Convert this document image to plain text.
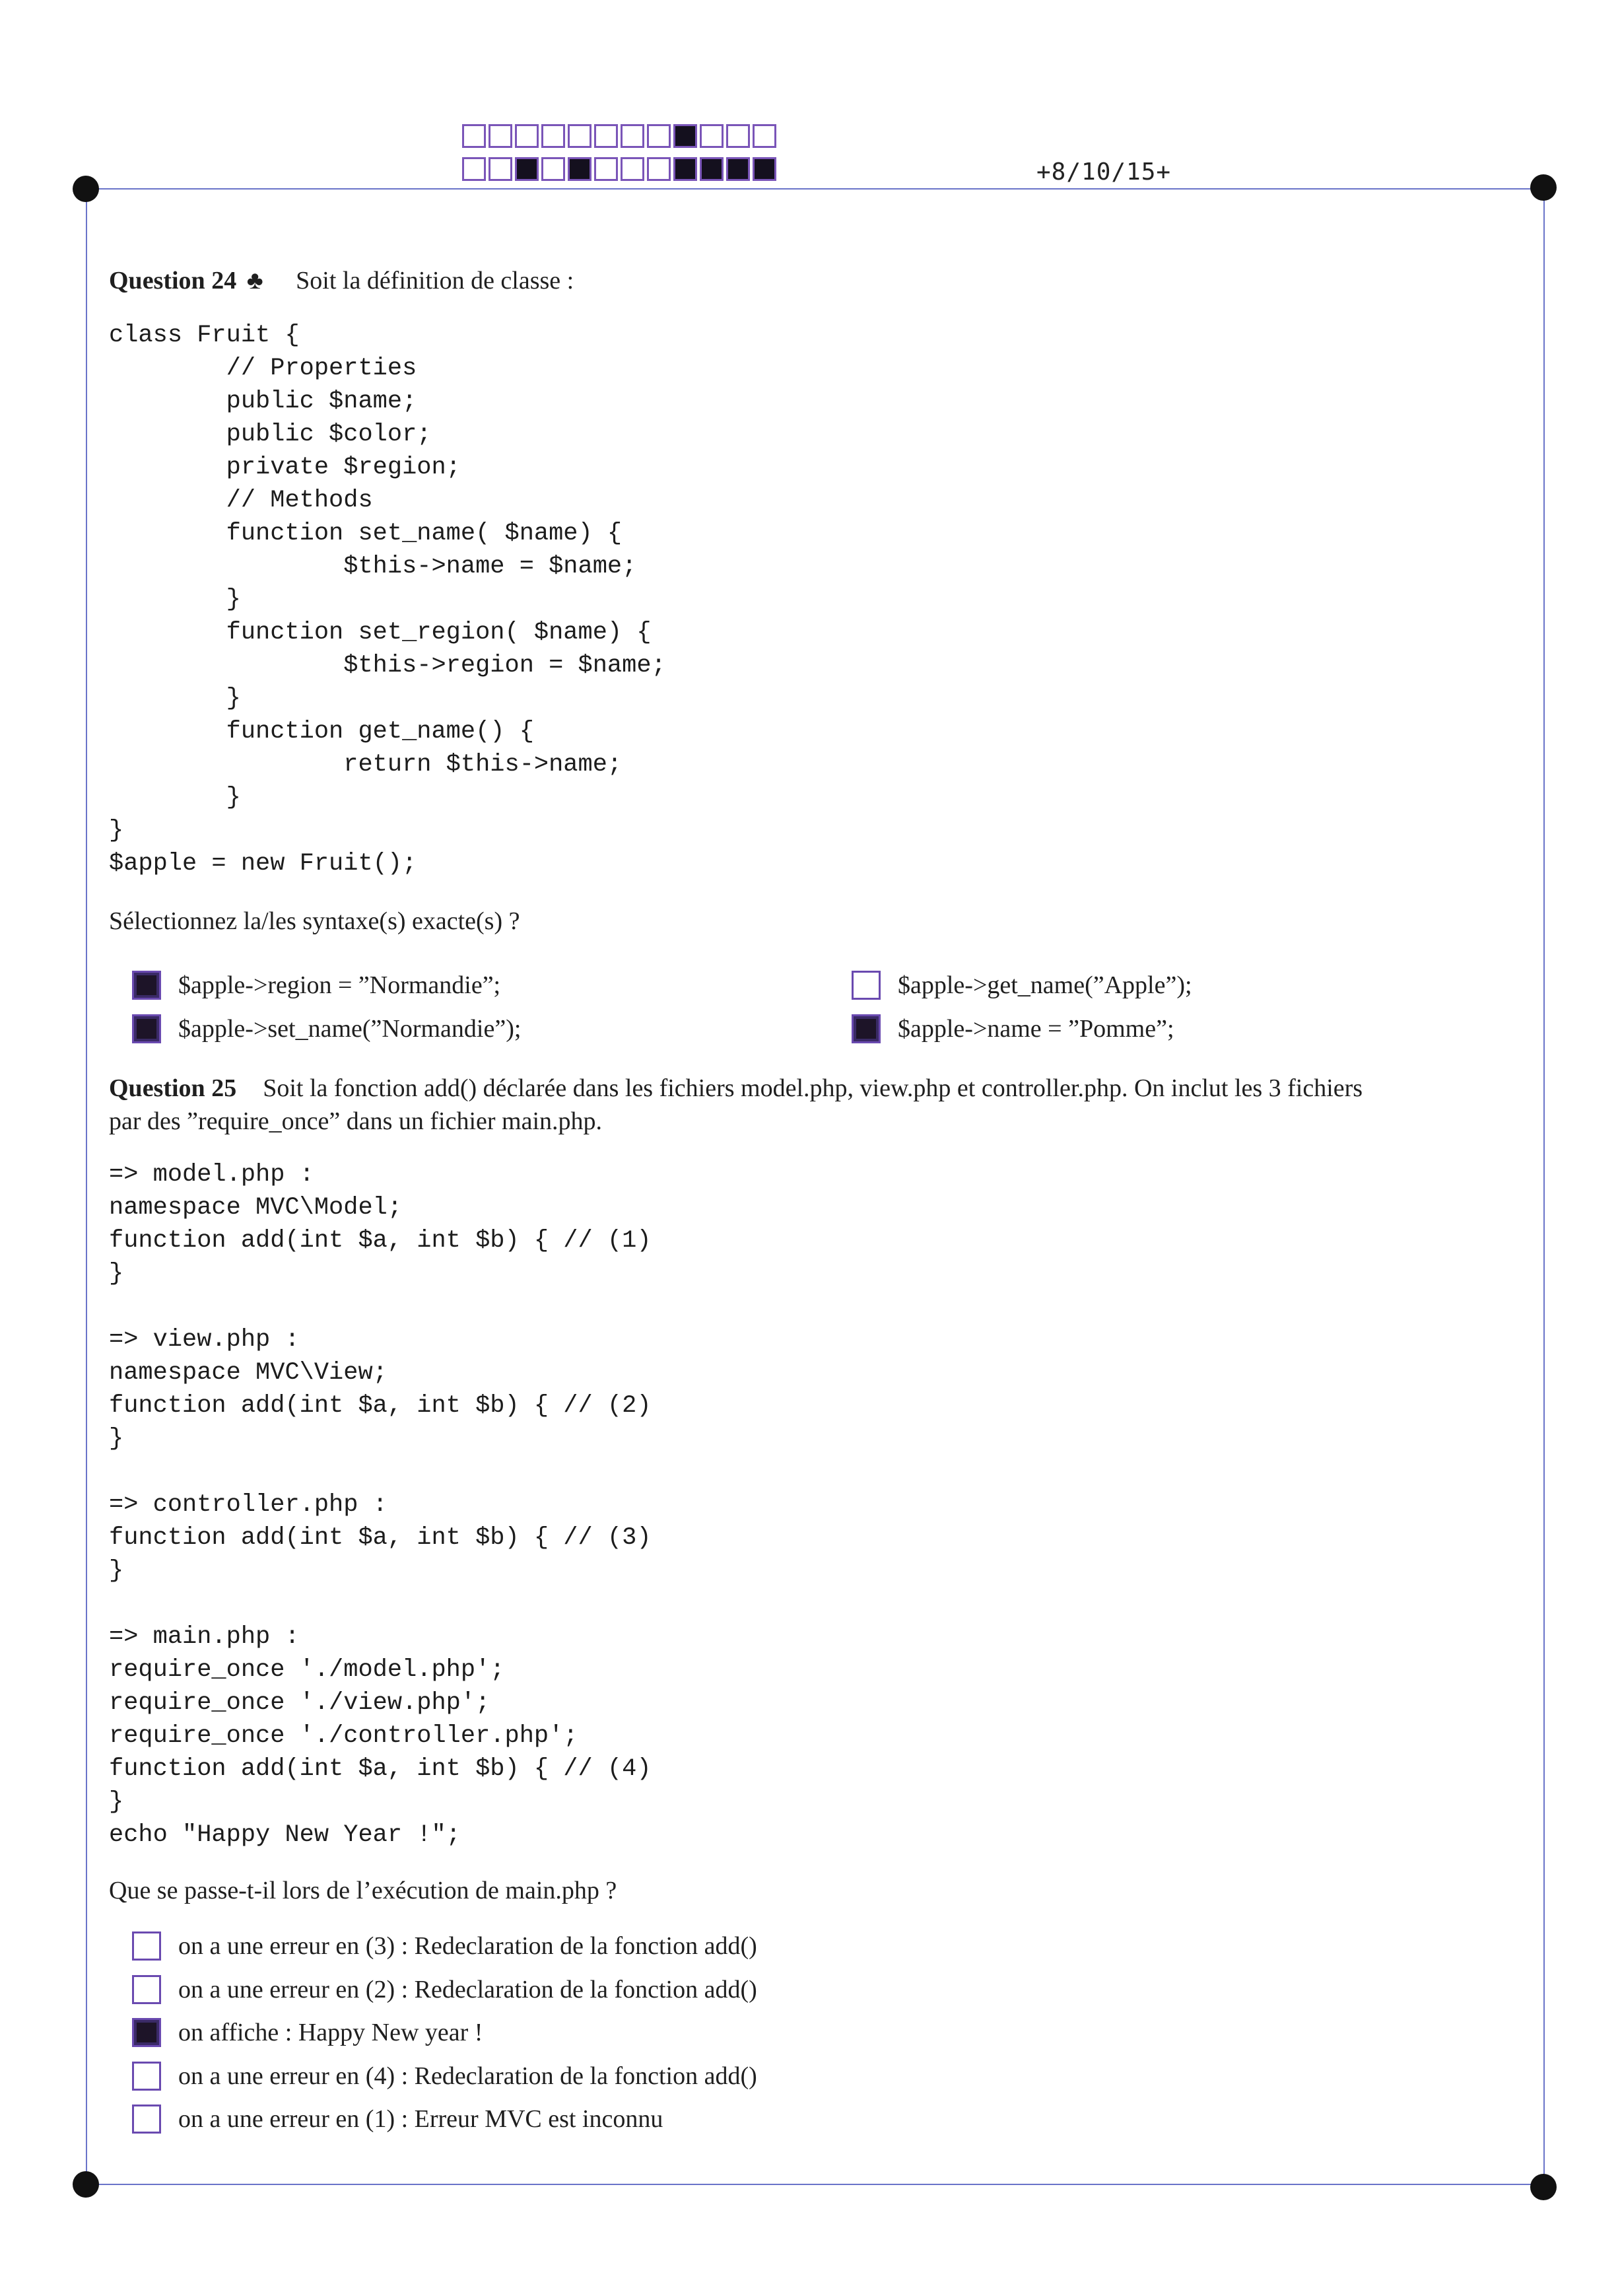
+8/10/15+
Question 24 ♣ Soit la définition de classe :
class Fruit {
// Properties
public $name;
public $color;
private $region;
// Methods
function set_name( $name) {
$this->name = $name;
}
function set_region( $name) {
$this->region = $name;
}
function get_name() {
return $this->name;
}
}
$apple = new Fruit();
Sélectionnez la/les syntaxe(s) exacte(s) ?
$apple->region = ”Normandie”;
$apple->set_name(”Normandie”);
$apple->get_name(”Apple”);
$apple->name = ”Pomme”;
Question 25 Soit la fonction add() déclarée dans les fichiers model.php, view.php et controller.php. On inclut les 3 fichiers
par des ”require_once” dans un fichier main.php.
=> model.php :
namespace MVC\Model;
function add(int $a, int $b) { // (1)
}

=> view.php :
namespace MVC\View;
function add(int $a, int $b) { // (2)
}

=> controller.php :
function add(int $a, int $b) { // (3)
}

=> main.php :
require_once './model.php';
require_once './view.php';
require_once './controller.php';
function add(int $a, int $b) { // (4)
}
echo "Happy New Year !";
Que se passe-t-il lors de l’exécution de main.php ?
on a une erreur en (3) : Redeclaration de la fonction add()
on a une erreur en (2) : Redeclaration de la fonction add()
on affiche : Happy New year !
on a une erreur en (4) : Redeclaration de la fonction add()
on a une erreur en (1) : Erreur MVC est inconnu
